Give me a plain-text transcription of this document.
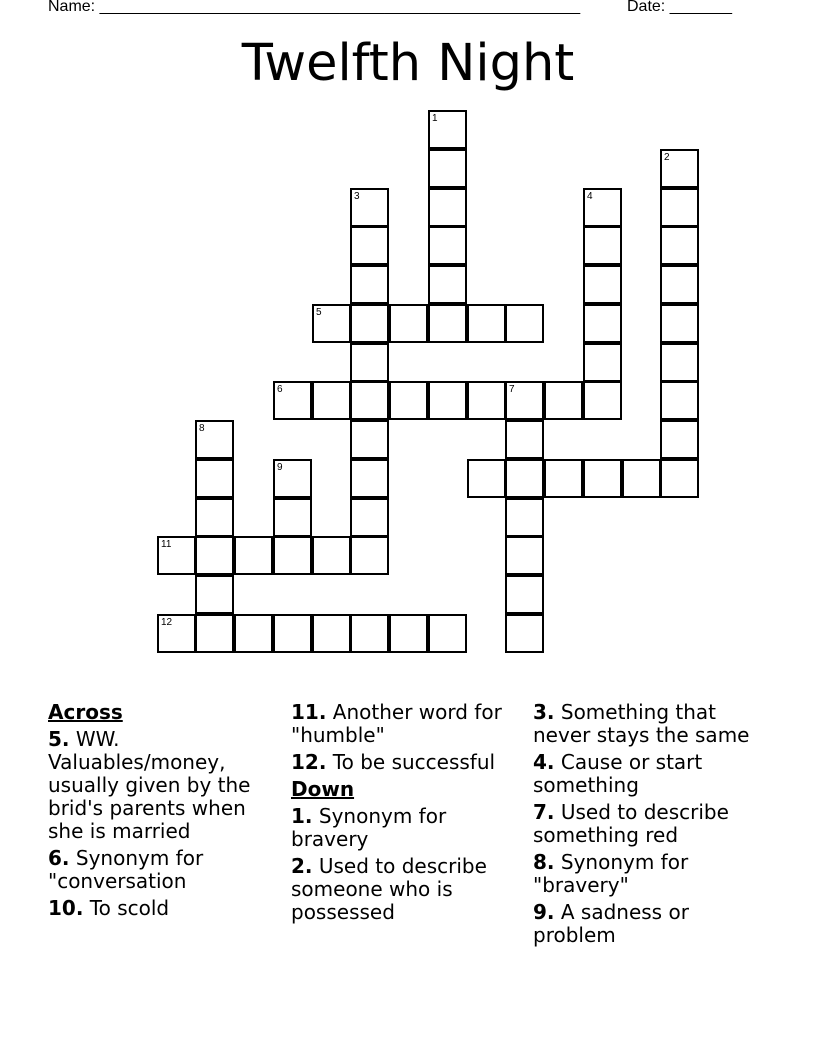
Name: ______________________________________________________	Date: _______
Twelfth Night
1
2
3	4
5
6	7
8
9
11
12
Across
5. WW. Valuables/money, usually given by the brid's parents when she is married
6. Synonym for "conversation
10. To scold
11. Another word for "humble"
12. To be successful
Down
1. Synonym for bravery
2. Used to describe someone who is possessed
3. Something that never stays the same
4. Cause or start something
7. Used to describe something red
8. Synonym for "bravery"
9. A sadness or problem
